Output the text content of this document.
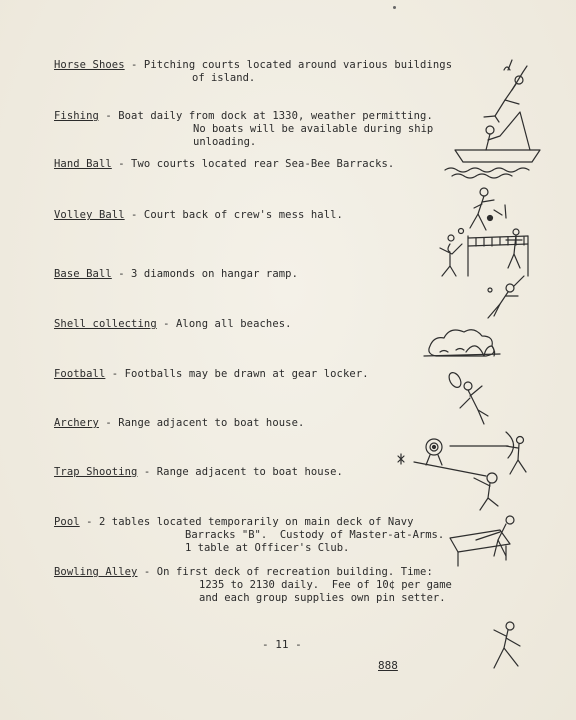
Horse Shoes - Pitching courts located around various buildings
of island.
Fishing - Boat daily from dock at 1330, weather permitting.
No boats will be available during ship
unloading.
Hand Ball - Two courts located rear Sea-Bee Barracks.
Volley Ball - Court back of crew's mess hall.
Base Ball - 3 diamonds on hangar ramp.
Shell collecting - Along all beaches.
Football - Footballs may be drawn at gear locker.
Archery - Range adjacent to boat house.
Trap Shooting - Range adjacent to boat house.
Pool - 2 tables located temporarily on main deck of Navy
Barracks "B".  Custody of Master-at-Arms.
1 table at Officer's Club.
Bowling Alley - On first deck of recreation building. Time:
1235 to 2130 daily.  Fee of 10¢ per game
and each group supplies own pin setter.
- 11 -
888
